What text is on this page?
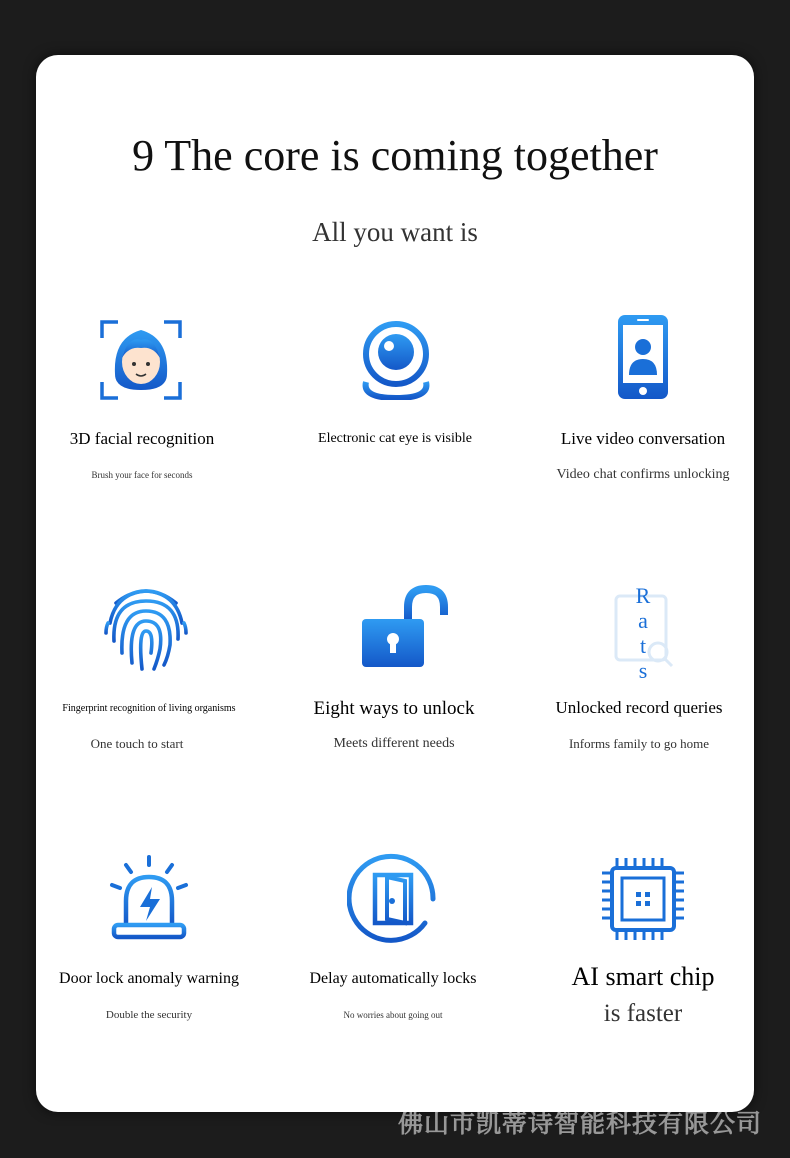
9 The core is coming together
All you want is
3D facial recognition
Brush your face for seconds
Electronic cat eye is visible	Live video conversation
Video chat confirms unlocking
Fingerprint recognition of living organisms
One touch to start
Eight ways to unlock
Meets different needs
R
a
t
s
Unlocked record queries
Informs family to go home
Door lock anomaly warning
Double the security
Delay automatically locks
No worries about going out
AI smart chip
is faster
佛山市凯蒂诗智能科技有限公司
